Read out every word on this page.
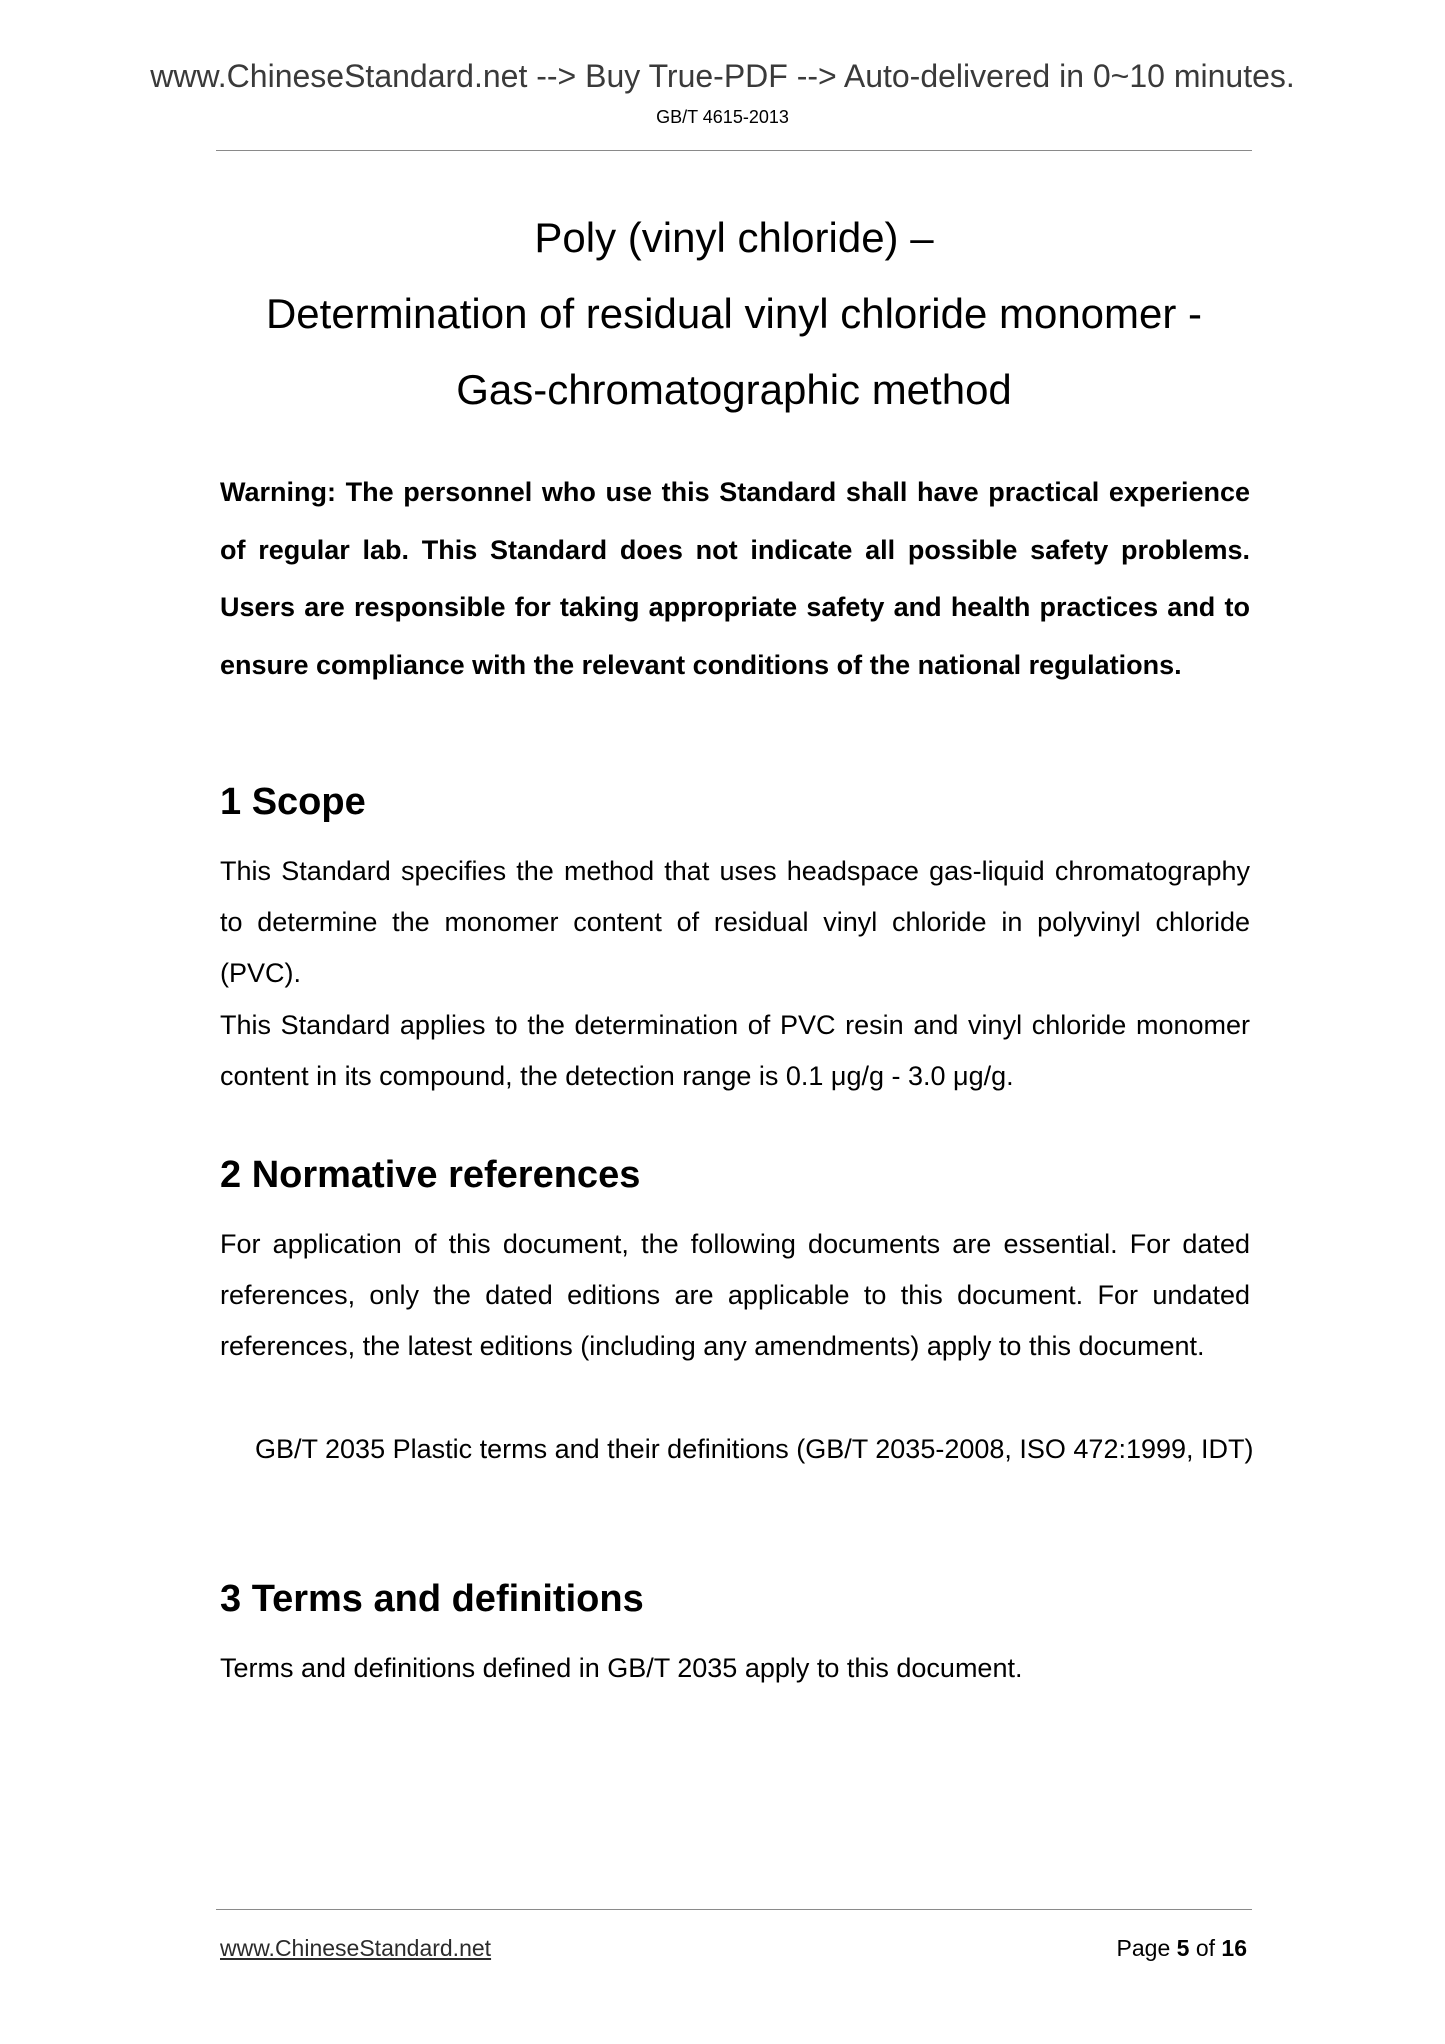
www.ChineseStandard.net --> Buy True-PDF --> Auto-delivered in 0~10 minutes.
GB/T 4615-2013
Poly (vinyl chloride) –
Determination of residual vinyl chloride monomer -
Gas-chromatographic method
Warning: The personnel who use this Standard shall have practical experience of regular lab. This Standard does not indicate all possible safety problems. Users are responsible for taking appropriate safety and health practices and to ensure compliance with the relevant conditions of the national regulations.
1 Scope
This Standard specifies the method that uses headspace gas-liquid chromatography to determine the monomer content of residual vinyl chloride in polyvinyl chloride (PVC).
This Standard applies to the determination of PVC resin and vinyl chloride monomer content in its compound, the detection range is 0.1 μg/g - 3.0 μg/g.
2 Normative references
For application of this document, the following documents are essential. For dated references, only the dated editions are applicable to this document. For undated references, the latest editions (including any amendments) apply to this document.
GB/T 2035 Plastic terms and their definitions (GB/T 2035-2008, ISO 472:1999, IDT)
3 Terms and definitions
Terms and definitions defined in GB/T 2035 apply to this document.
www.ChineseStandard.net	Page 5 of 16
